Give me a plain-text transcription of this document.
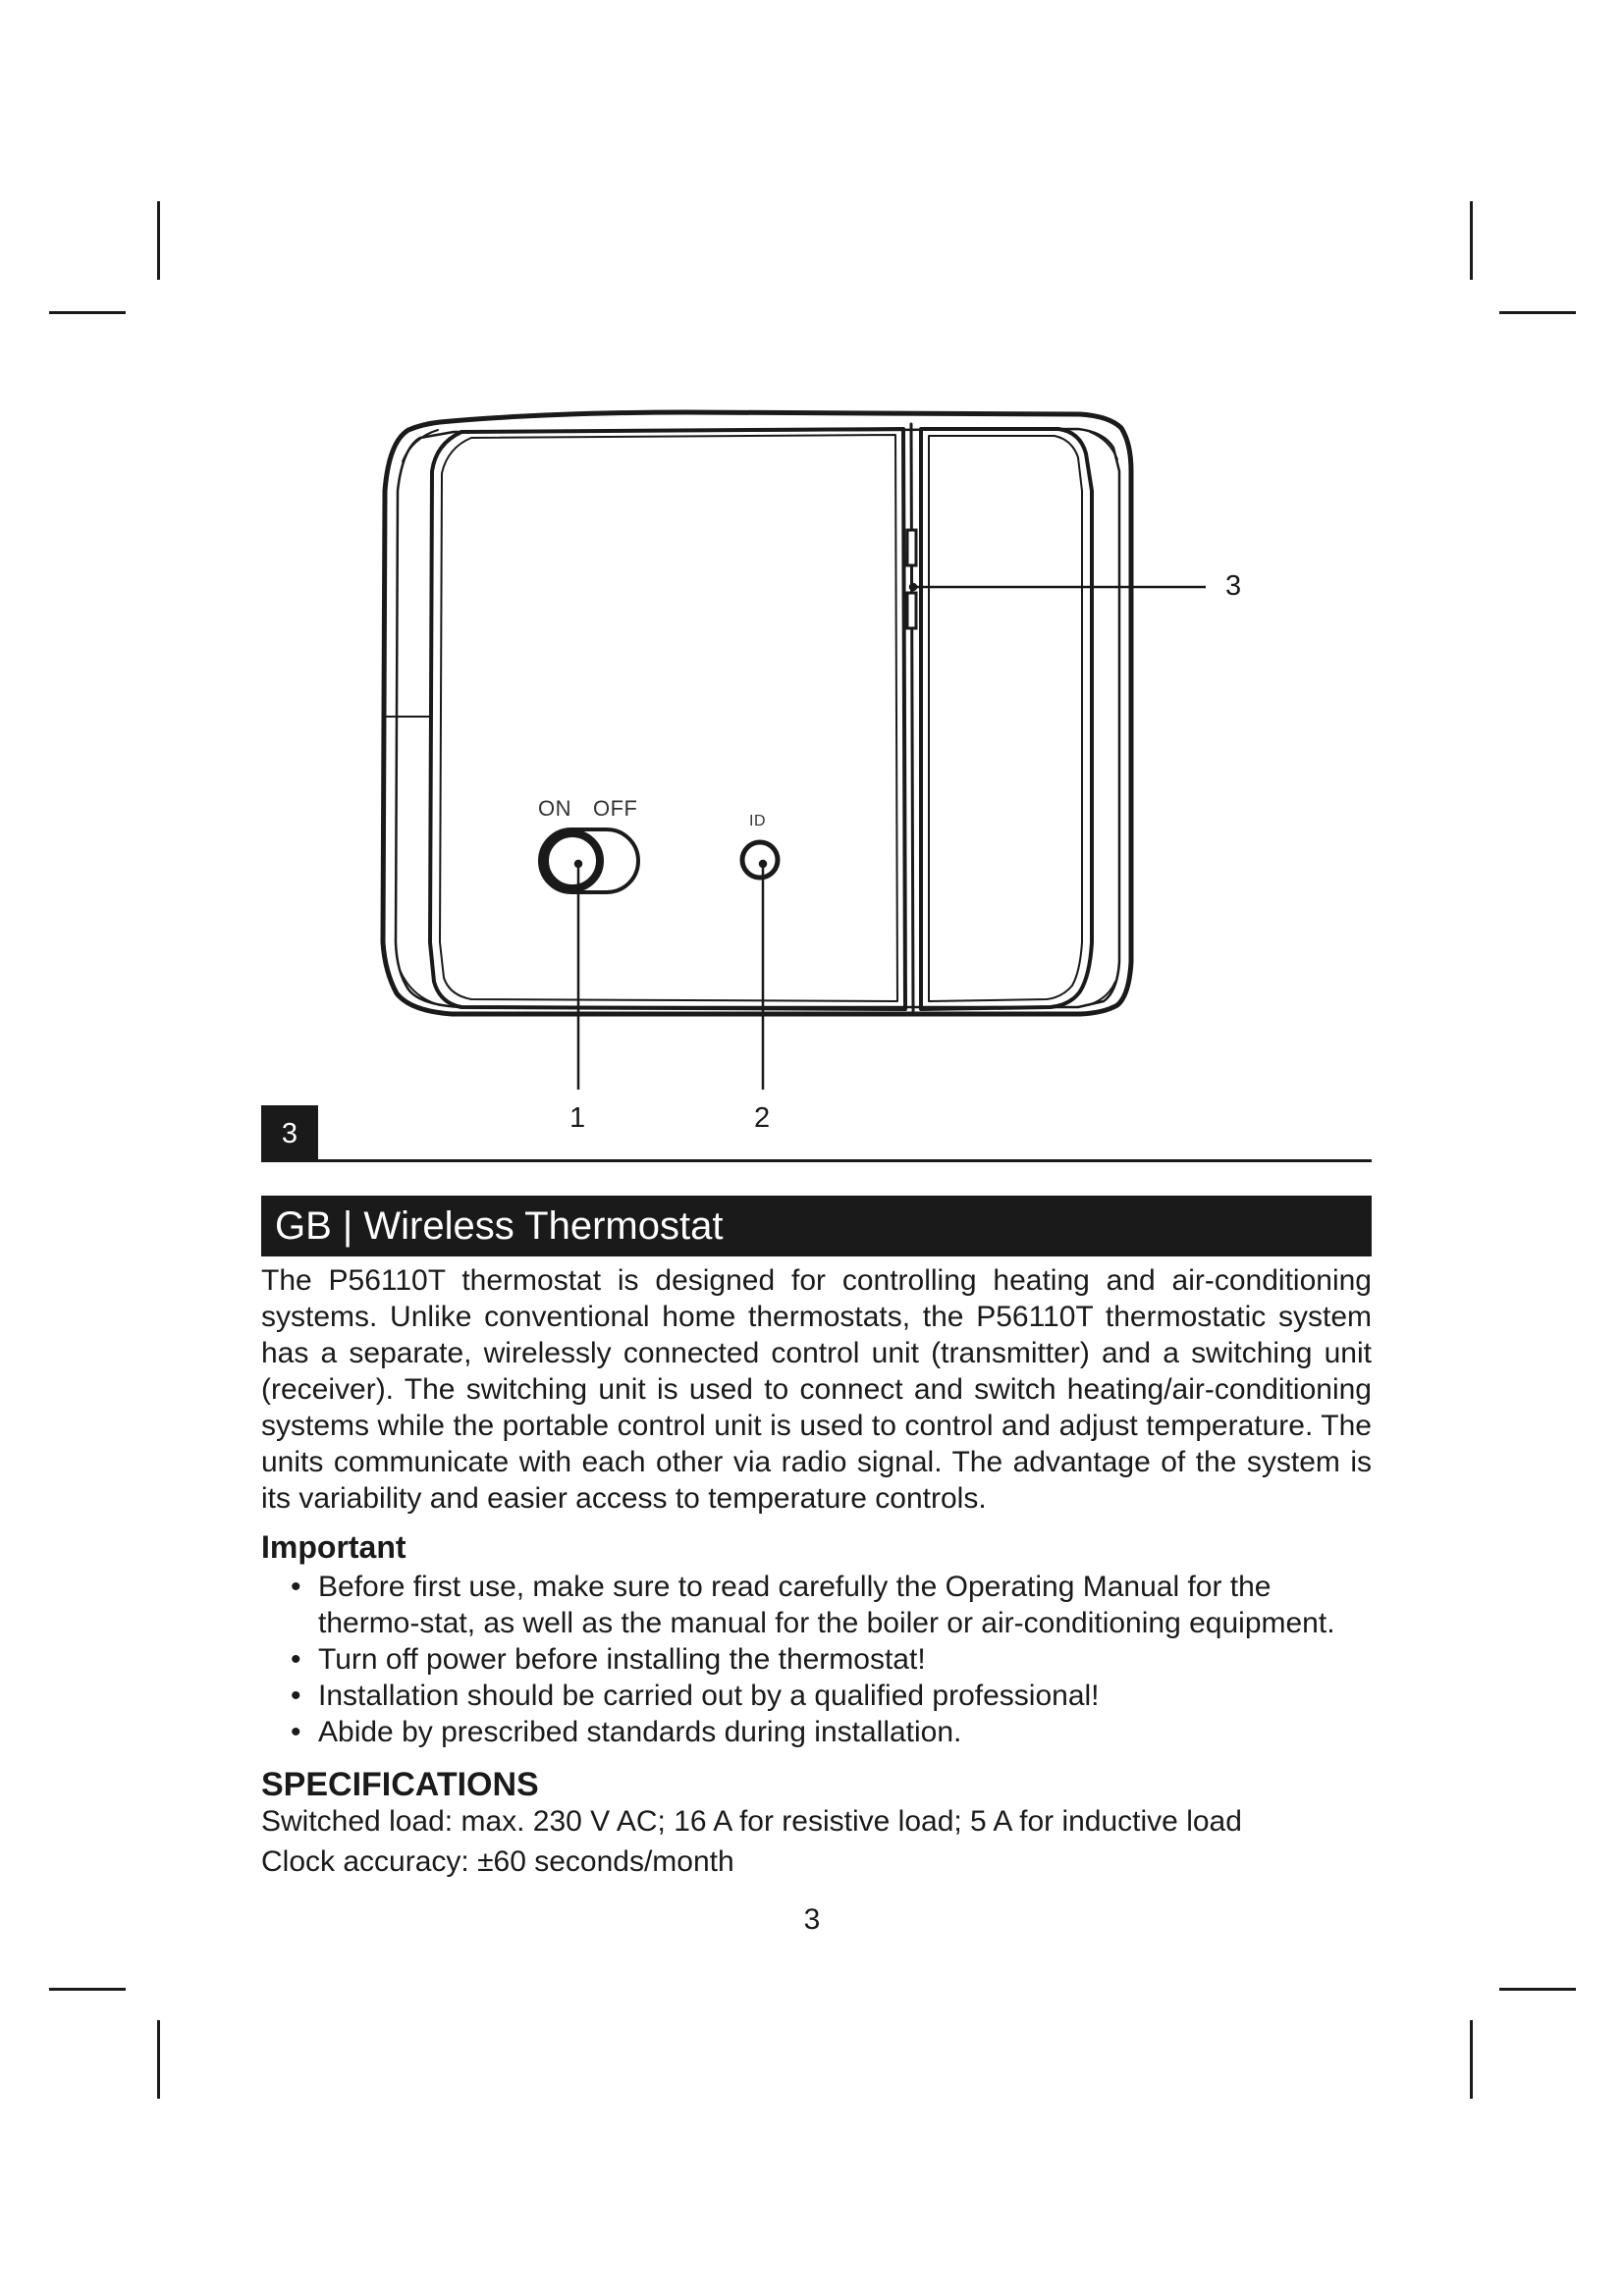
ON OFF
ID
1	2
3
3
GB | Wireless Thermostat

The P56110T thermostat is designed for controlling heating and air-conditioning systems. Unlike conventional home thermostats, the P56110T thermostatic system has a separate, wirelessly connected control unit (transmitter) and a switching unit (receiver). The switching unit is used to connect and switch heating/air-conditioning systems while the portable control unit is used to control and adjust temperature. The units communicate with each other via radio signal. The advantage of the system is its variability and easier access to temperature controls.

Important
• Before first use, make sure to read carefully the Operating Manual for the thermo-stat, as well as the manual for the boiler or air-conditioning equipment.
• Turn off power before installing the thermostat!
• Installation should be carried out by a qualified professional!
• Abide by prescribed standards during installation.
SPECIFICATIONS
Switched load: max. 230 V AC; 16 A for resistive load; 5 A for inductive load
Clock accuracy: ±60 seconds/month
3
